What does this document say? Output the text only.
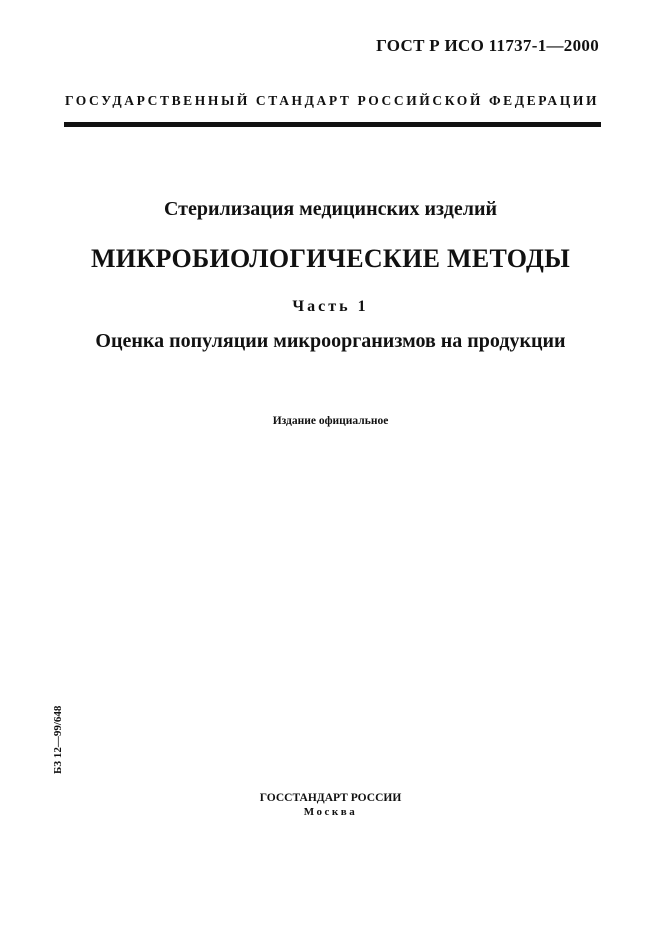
ГОСТ Р ИСО 11737-1—2000
ГОСУДАРСТВЕННЫЙ СТАНДАРТ РОССИЙСКОЙ ФЕДЕРАЦИИ
Стерилизация медицинских изделий
МИКРОБИОЛОГИЧЕСКИЕ МЕТОДЫ
Часть 1
Оценка популяции микроорганизмов на продукции
Издание официальное
БЗ 12—99/648
ГОССТАНДАРТ РОССИИ
Москва
